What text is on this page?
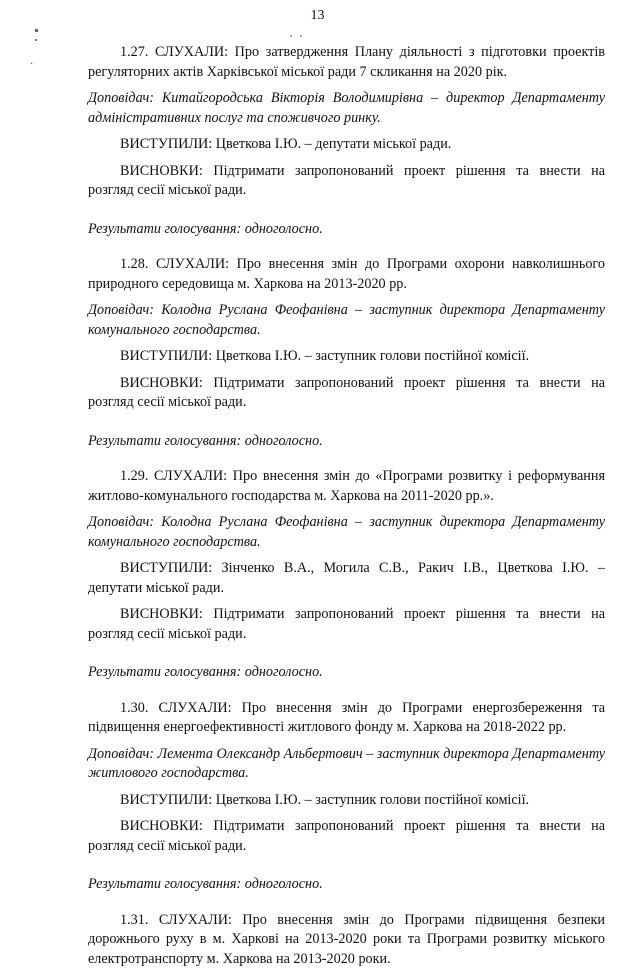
·
13

1.27. СЛУХАЛИ: Про затвердження Плану діяльності з підготовки проектів регуляторних актів Харківської міської ради 7 скликання на 2020 рік.

Доповідач: Китайгородська Вікторія Володимирівна – директор Департаменту адміністративних послуг та споживчого ринку.

ВИСТУПИЛИ: Цветкова І.Ю. – депутати міської ради.

ВИСНОВКИ: Підтримати запропонований проект рішення та внести на розгляд сесії міської ради.

Результати голосування: одноголосно.

1.28. СЛУХАЛИ: Про внесення змін до Програми охорони навколишнього природного середовища м. Харкова на 2013-2020 рр.

Доповідач: Колодна Руслана Феофанівна – заступник директора Департаменту комунального господарства.

ВИСТУПИЛИ: Цветкова І.Ю. – заступник голови постійної комісії.

ВИСНОВКИ: Підтримати запропонований проект рішення та внести на розгляд сесії міської ради.

Результати голосування: одноголосно.

1.29. СЛУХАЛИ: Про внесення змін до «Програми розвитку і реформування житлово-комунального господарства м. Харкова на 2011-2020 рр.».

Доповідач: Колодна Руслана Феофанівна – заступник директора Департаменту комунального господарства.

ВИСТУПИЛИ: Зінченко В.А., Могила С.В., Ракич І.В., Цветкова І.Ю. – депутати міської ради.

ВИСНОВКИ: Підтримати запропонований проект рішення та внести на розгляд сесії міської ради.

Результати голосування: одноголосно.

1.30. СЛУХАЛИ: Про внесення змін до Програми енергозбереження та підвищення енергоефективності житлового фонду м. Харкова на 2018-2022 рр.

Доповідач: Лемента Олександр Альбертович – заступник директора Департаменту житлового господарства.

ВИСТУПИЛИ: Цветкова І.Ю. – заступник голови постійної комісії.

ВИСНОВКИ: Підтримати запропонований проект рішення та внести на розгляд сесії міської ради.

Результати голосування: одноголосно.

1.31. СЛУХАЛИ: Про внесення змін до Програми підвищення безпеки дорожнього руху в м. Харкові на 2013-2020 роки та Програми розвитку міського електротранспорту м. Харкова на 2013-2020 роки.
